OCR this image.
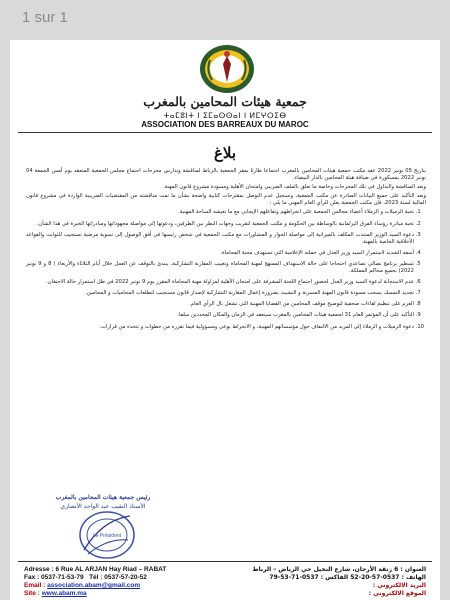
1 sur 1
جمعية هيئات المحامين بالمغرب
ⵜⴰⵎⵓⵏⵜ ⵏ ⵉⵎⴰⵙⵙⴰⵏ ⵏ ⵍⵎⵖⵔⵉⴱ
ASSOCIATION DES BARREAUX DU MAROC
بلاغ

بتاريخ 05 نونبر 2022 عقد مكتب جمعية هيئات المحامين بالمغرب اجتماعا طارئا بمقر الجمعية بالرباط لمناقشة وتدارس مخرجات اجتماع مجلس الجمعية المنعقد يوم أمس الجمعة 04 نونبر 2022 بمسكورة في ضيافة هيئة المحامين بالدار البيضاء.

وبعد المناقشة والتداول في تلك المخرجات وخاصة ما تعلق بالملف الضريبي وامتحان الأهلية ومسودة مشروع قانون المهنة.

وبعد التأكيد على جميع البيانات الصادرة عن مكتب الجمعية، وتسجيل عدم التوصل بمقترحات كتابية واضحة بشأن ما تمت مناقشته من المقتضيات الضريبية الواردة في مشروع قانون المالية لسنة 2023، فإن مكتب الجمعية يعلن للرأي العام المهني ما يلي :

1. تحية الزميلات و الزملاء أعضاء مجالس الجمعية على انخراطهم وتفاعلهم الإيجابي مع ما تعيشه الساحة المهنية.
2. تحية مبادرة رؤساء الفرق البرلمانية بالوساطة بين الحكومة و مكتب الجمعية لتقريب وجهات النظر بين الطرفين، ودعوتها إلى مواصلة مجهوداتها ومبادراتها الخيرة في هذا الشأن.
3. دعوة السيد الوزير المنتدب المكلف بالميزانية إلى مواصلة الحوار و المشاورات مع مكتب الجمعية في شخص رئيسها في أفق الوصول إلى تسوية مرضية تستجيب للثوابت والقواعد الأخلاقية الخاصة بالمهنة.
4. أسفه الشديد لاستمرار السيد وزير العدل في حملته الإعلامية التي تستهدف محنة المحاماة.
5. تسطير برنامج نضالي تصاعدي احتجاجا على حالة الاستهداف الممنهج لمهنة المحاماة وتغييب المقاربة التشاركية، يبتدئ بالتوقف عن العمل خلال أيام الثلاثاء والأربعاء ( 8 و 9 نونبر 2022) بجميع محاكم المملكة.
6. عدم الاستجابة لدعوة السيد وزير العدل لحضور اجتماع اللجنة المشرفة على امتحان الأهلية لمزاولة مهنة المحاماة المقرر يوم 9 نونبر 2022 في ظل استمرار حالة الاحتقان.
7. تجديد التمسك بسحب مسودة قانون المهنة المسربة و التشبث بضرورة إعمال المقاربة التشاركية لإصدار قانون مستجيب لتطلعات المحاميات و المحامين.
8. العزم على تنظيم لقاءات صحفية لتوضيح موقف المحامين من القضايا المهنية التي تشغل بال الرأي العام.
9. التأكيد على أن المؤتمر العام 31 لجمعية هيئات المحامين بالمغرب سينعقد في الزمان والمكان المحددين سلفا.
10. دعوة الزميلات و الزملاء إلى المزيد من الالتفاف حول مؤسساتهم المهنية، و الانخراط بوعي ومسؤولية فيما تقرره من خطوات و تتخذه من قرارات.
رئيس جمعية هيئات المحامين بالمغرب
الأستاذ النقيب عبد الواحد الأنصاري
Le Président
Adresse : 6 Rue AL ARJAN Hay Riad – RABAT
Fax : 0537-71-53-79 Tél : 0537-57-20-52
Email : association.abam@gmail.com
Site : www.abam.ma
العنوان : 6 زنقة الأرجان، شارع النخيل حي الرياض – الرباط
الهاتف : 0537-57-20-52 الفاكس : 0537-71-53-79
البريد الالكتروني :
الموقع الالكتروني :
